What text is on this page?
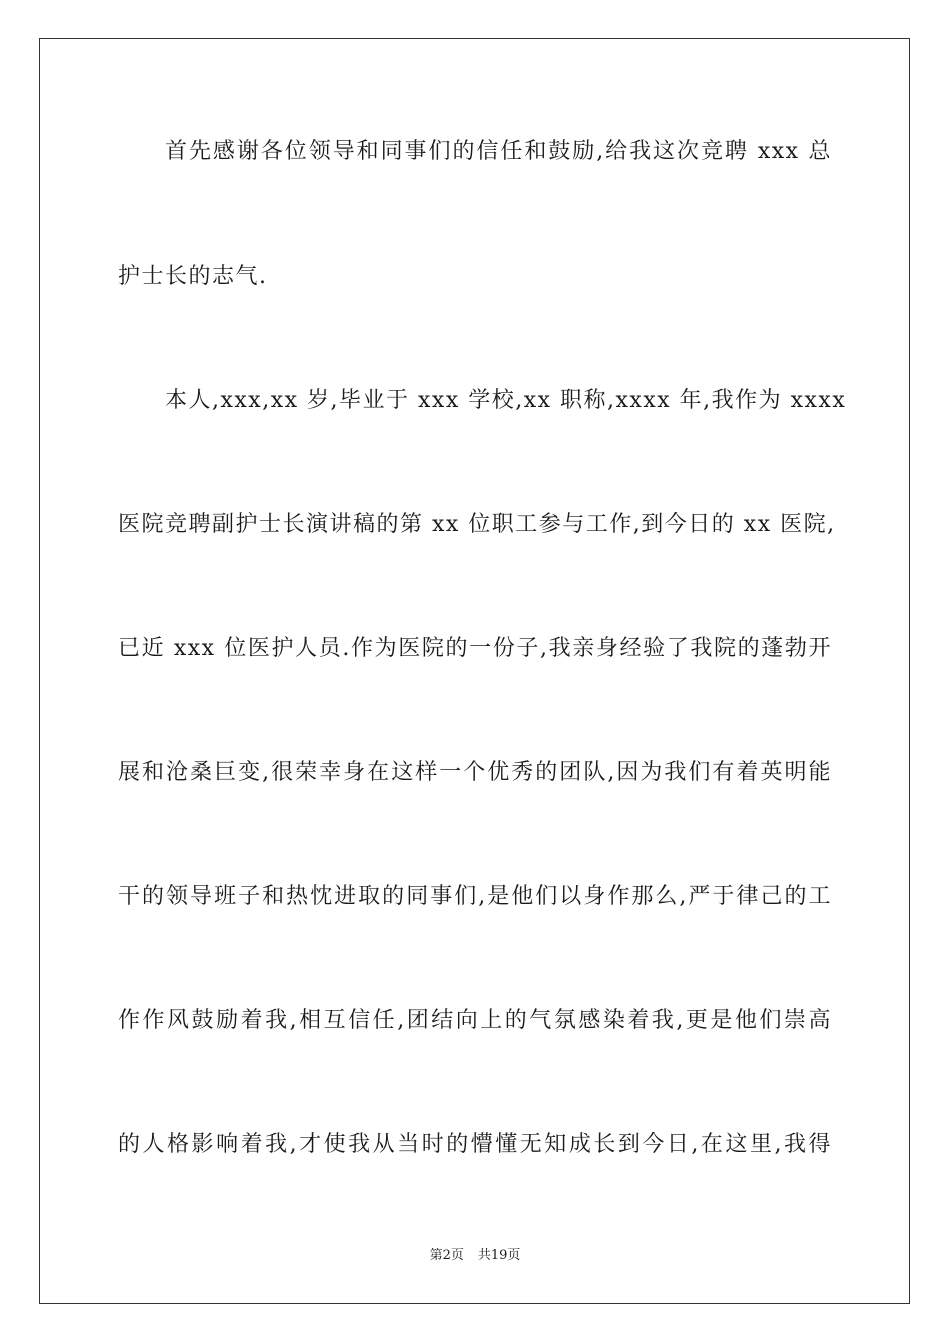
首先感谢各位领导和同事们的信任和鼓励,给我这次竞聘 xxx 总
护士长的志气.
本人,xxx,xx 岁,毕业于 xxx 学校,xx 职称,xxxx 年,我作为 xxxx
医院竞聘副护士长演讲稿的第 xx 位职工参与工作,到今日的 xx 医院,
已近 xxx 位医护人员.作为医院的一份子,我亲身经验了我院的蓬勃开
展和沧桑巨变,很荣幸身在这样一个优秀的团队,因为我们有着英明能
干的领导班子和热忱进取的同事们,是他们以身作那么,严于律己的工
作作风鼓励着我,相互信任,团结向上的气氛感染着我,更是他们崇高
的人格影响着我,才使我从当时的懵懂无知成长到今日,在这里,我得
第2页 共19页
